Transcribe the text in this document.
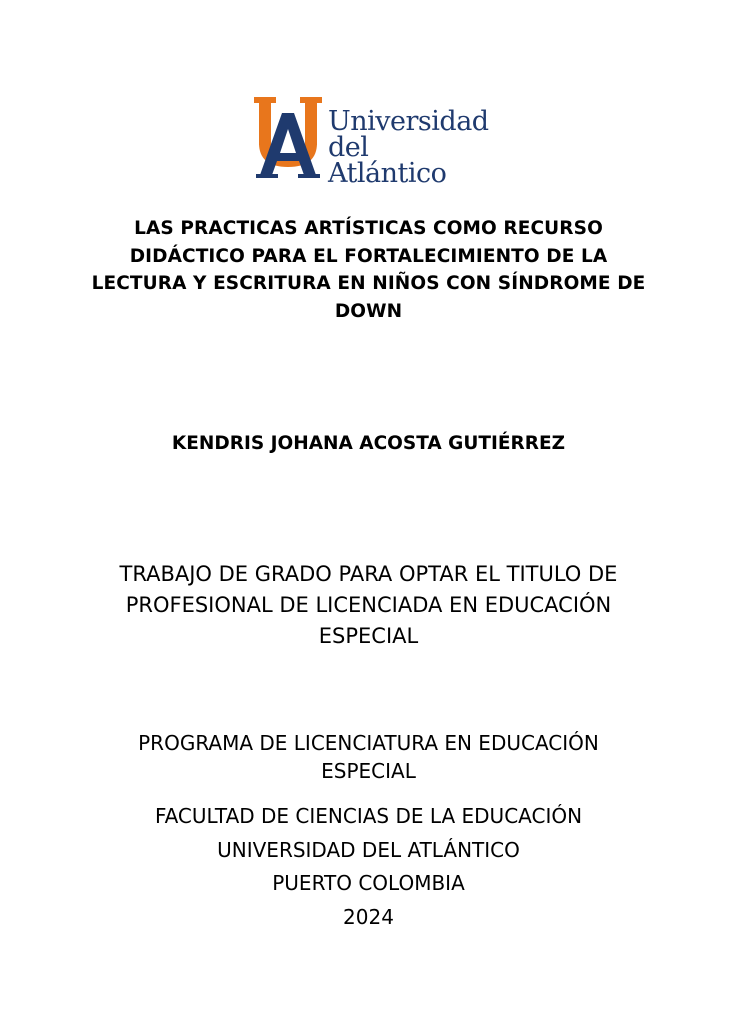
Universidad
del Atlántico
LAS PRACTICAS ARTÍSTICAS COMO RECURSO
DIDÁCTICO PARA EL FORTALECIMIENTO DE LA
LECTURA Y ESCRITURA EN NIÑOS CON SÍNDROME DE
DOWN
KENDRIS JOHANA ACOSTA GUTIÉRREZ
TRABAJO DE GRADO PARA OPTAR EL TITULO DE
PROFESIONAL DE LICENCIADA EN EDUCACIÓN
ESPECIAL
PROGRAMA DE LICENCIATURA EN EDUCACIÓN
ESPECIAL
FACULTAD DE CIENCIAS DE LA EDUCACIÓN
UNIVERSIDAD DEL ATLÁNTICO
PUERTO COLOMBIA
2024
